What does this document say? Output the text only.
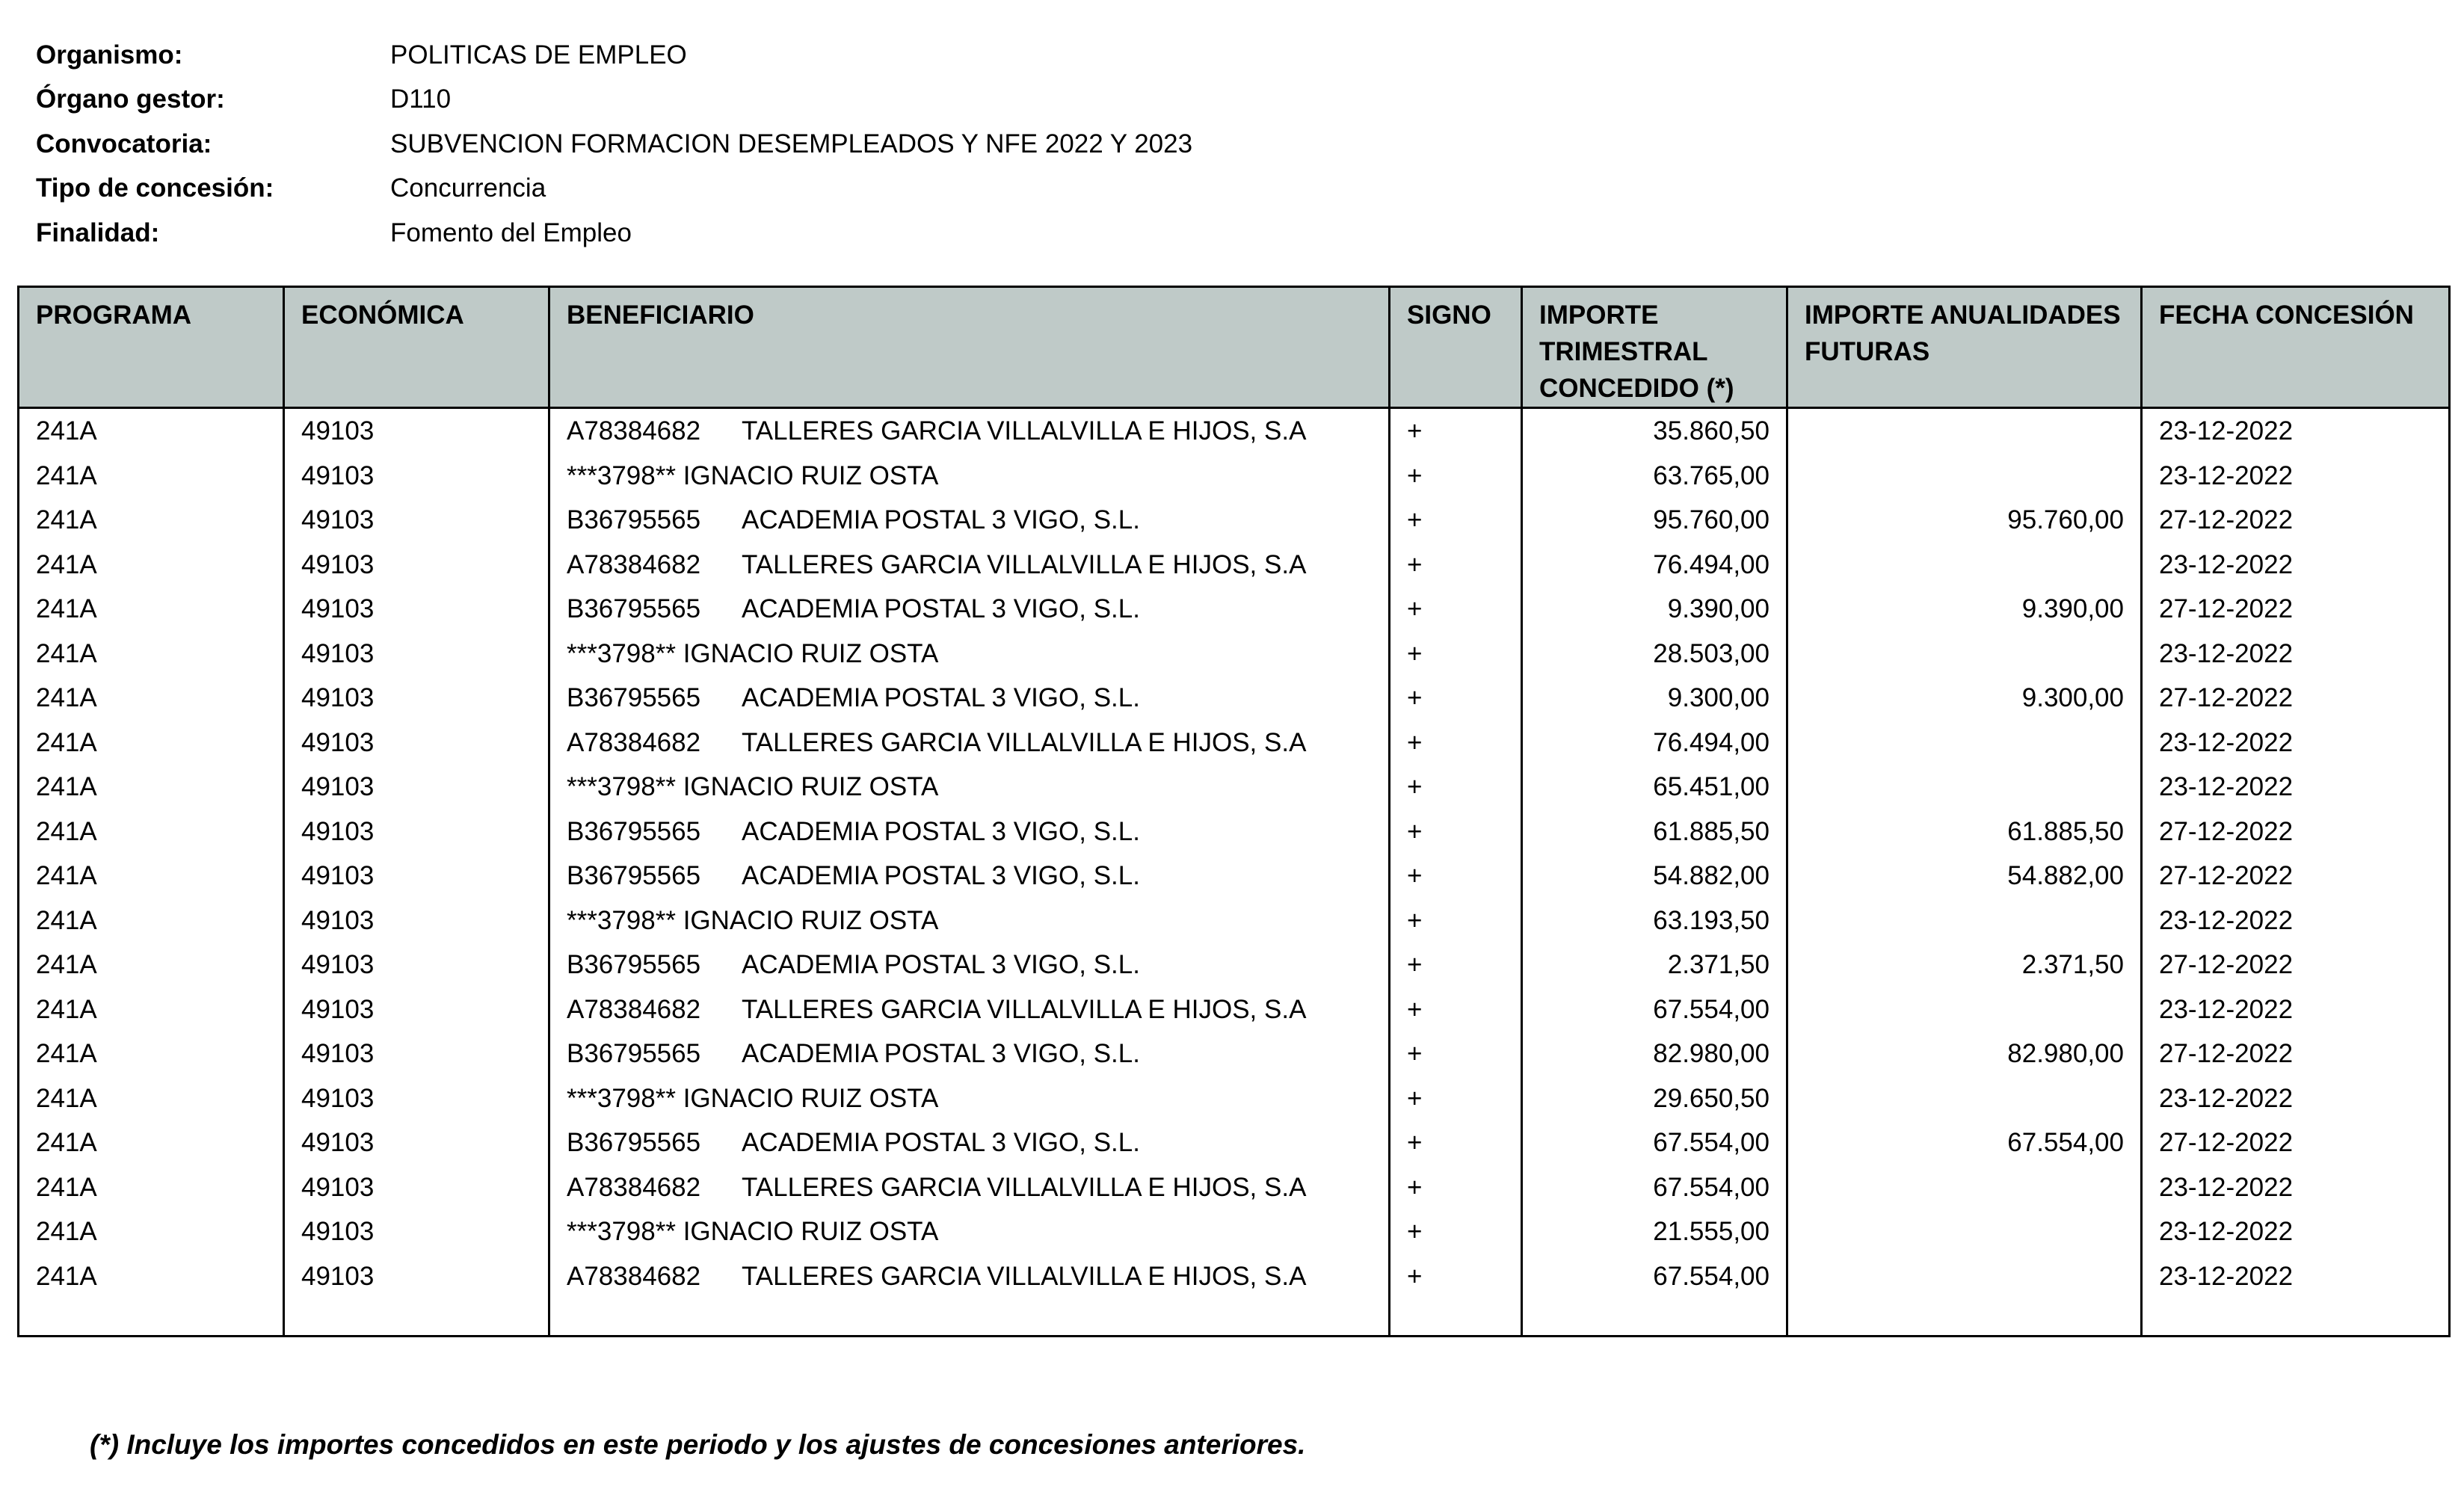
Organismo:	POLITICAS DE EMPLEO
Órgano gestor:	D110
Convocatoria:	SUBVENCION FORMACION DESEMPLEADOS Y NFE 2022 Y 2023
Tipo de concesión:	Concurrencia
Finalidad:	Fomento del Empleo
PROGRAMA	ECONÓMICA	BENEFICIARIO	SIGNO	IMPORTE TRIMESTRAL CONCEDIDO (*)	IMPORTE ANUALIDADES FUTURAS	FECHA CONCESIÓN
241A	49103	A78384682 TALLERES GARCIA VILLALVILLA E HIJOS, S.A	+	35.860,50		23-12-2022
241A	49103	***3798** IGNACIO RUIZ OSTA	+	63.765,00		23-12-2022
241A	49103	B36795565 ACADEMIA POSTAL 3 VIGO, S.L.	+	95.760,00	95.760,00	27-12-2022
241A	49103	A78384682 TALLERES GARCIA VILLALVILLA E HIJOS, S.A	+	76.494,00		23-12-2022
241A	49103	B36795565 ACADEMIA POSTAL 3 VIGO, S.L.	+	9.390,00	9.390,00	27-12-2022
241A	49103	***3798** IGNACIO RUIZ OSTA	+	28.503,00		23-12-2022
241A	49103	B36795565 ACADEMIA POSTAL 3 VIGO, S.L.	+	9.300,00	9.300,00	27-12-2022
241A	49103	A78384682 TALLERES GARCIA VILLALVILLA E HIJOS, S.A	+	76.494,00		23-12-2022
241A	49103	***3798** IGNACIO RUIZ OSTA	+	65.451,00		23-12-2022
241A	49103	B36795565 ACADEMIA POSTAL 3 VIGO, S.L.	+	61.885,50	61.885,50	27-12-2022
241A	49103	B36795565 ACADEMIA POSTAL 3 VIGO, S.L.	+	54.882,00	54.882,00	27-12-2022
241A	49103	***3798** IGNACIO RUIZ OSTA	+	63.193,50		23-12-2022
241A	49103	B36795565 ACADEMIA POSTAL 3 VIGO, S.L.	+	2.371,50	2.371,50	27-12-2022
241A	49103	A78384682 TALLERES GARCIA VILLALVILLA E HIJOS, S.A	+	67.554,00		23-12-2022
241A	49103	B36795565 ACADEMIA POSTAL 3 VIGO, S.L.	+	82.980,00	82.980,00	27-12-2022
241A	49103	***3798** IGNACIO RUIZ OSTA	+	29.650,50		23-12-2022
241A	49103	B36795565 ACADEMIA POSTAL 3 VIGO, S.L.	+	67.554,00	67.554,00	27-12-2022
241A	49103	A78384682 TALLERES GARCIA VILLALVILLA E HIJOS, S.A	+	67.554,00		23-12-2022
241A	49103	***3798** IGNACIO RUIZ OSTA	+	21.555,00		23-12-2022
241A	49103	A78384682 TALLERES GARCIA VILLALVILLA E HIJOS, S.A	+	67.554,00		23-12-2022

(*) Incluye los importes concedidos en este periodo y los ajustes de concesiones anteriores.
